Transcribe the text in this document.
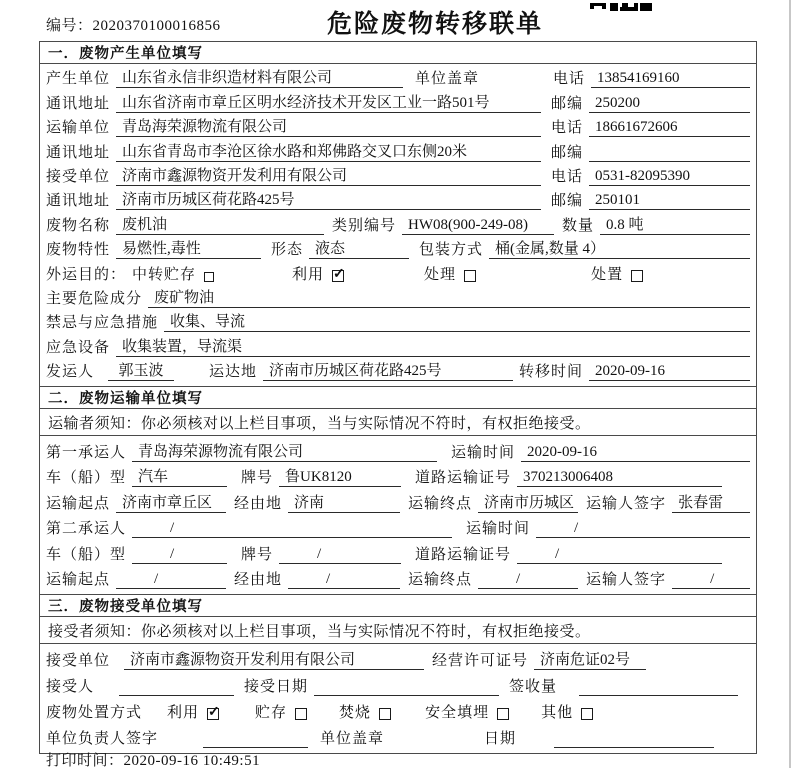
编号：2020370100016856	危险废物转移联单
一．废物产生单位填写
产生单位 山东省永信非织造材料有限公司	单位盖章	电话 13854169160
通讯地址 山东省济南市章丘区明水经济技术开发区工业一路501号	邮编 250200
运输单位 青岛海荣源物流有限公司	电话 18661672606
通讯地址 山东省青岛市李沧区徐水路和郑佛路交叉口东侧20米	邮编
接受单位 济南市鑫源物资开发利用有限公司	电话 0531-82095390
通讯地址 济南市历城区荷花路425号	邮编 250101
废物名称 废机油	类别编号 HW08(900-249-08)	数量 0.8 吨
废物特性 易燃性,毒性	形态 液态	包装方式 桶(金属,数量 4）
外运目的： 中转贮存	利用 ✓	处理	处置
主要危险成分 废矿物油
禁忌与应急措施 收集、导流
应急设备 收集装置，导流渠
发运人	郭玉波	运达地 济南市历城区荷花路425号	转移时间 2020-09-16
二．废物运输单位填写
运输者须知：你必须核对以上栏目事项，当与实际情况不符时，有权拒绝接受。
第一承运人 青岛海荣源物流有限公司	运输时间 2020-09-16
车（船）型 汽车	牌号 鲁UK8120	道路运输证号 370213006408
运输起点 济南市章丘区	经由地 济南	运输终点 济南市历城区 运输人签字 张春雷
第二承运人	/	运输时间	/
车（船）型	/	牌号	/	道路运输证号	/
运输起点	/	经由地	/	运输终点	/	运输人签字	/
三．废物接受单位填写
接受者须知：你必须核对以上栏目事项，当与实际情况不符时，有权拒绝接受。
接受单位	济南市鑫源物资开发利用有限公司	经营许可证号 济南危证02号
接受人	接受日期	签收量
废物处置方式 利用 ✓	贮存	焚烧	安全填埋	其他
单位负责人签字	单位盖章	日期
打印时间：2020-09-16 10:49:51
